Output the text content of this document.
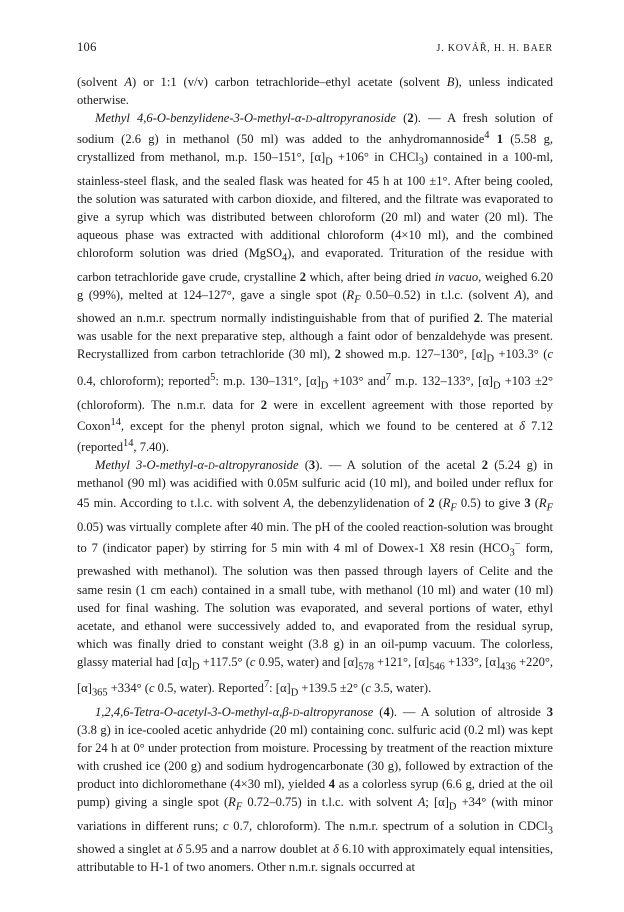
106	J. KOVÁŘ, H. H. BAER

(solvent A) or 1:1 (v/v) carbon tetrachloride–ethyl acetate (solvent B), unless indicated otherwise.

Methyl 4,6-O-benzylidene-3-O-methyl-α-d-altropyranoside (2). — A fresh solution of sodium (2.6 g) in methanol (50 ml) was added to the anhydromannoside$^4$ 1 (5.58 g, crystallized from methanol, m.p. 150–151°, $[\alpha]_D +106^\circ$ in CHCl$_3$) contained in a 100-ml, stainless-steel flask, and the sealed flask was heated for 45 h at 100 ±1°. After being cooled, the solution was saturated with carbon dioxide, and filtered, and the filtrate was evaporated to give a syrup which was distributed between chloroform (20 ml) and water (20 ml). The aqueous phase was extracted with additional chloroform (4×10 ml), and the combined chloroform solution was dried (MgSO$_4$), and evaporated. Trituration of the residue with carbon tetrachloride gave crude, crystalline 2 which, after being dried in vacuo, weighed 6.20 g (99%), melted at 124–127°, gave a single spot ($R_F$ 0.50–0.52) in t.l.c. (solvent A), and showed an n.m.r. spectrum normally indistinguishable from that of purified 2. The material was usable for the next preparative step, although a faint odor of benzaldehyde was present. Recrystallized from carbon tetrachloride (30 ml), 2 showed m.p. 127–130°, $[\alpha]_D +103.3^\circ$ (c 0.4, chloroform); reported$^5$: m.p. 130–131°, $[\alpha]_D +103^\circ$ and$^7$ m.p. 132–133°, $[\alpha]_D +103 \pm 2^\circ$ (chloroform). The n.m.r. data for 2 were in excellent agreement with those reported by Coxon$^{14}$, except for the phenyl proton signal, which we found to be centered at δ 7.12 (reported$^{14}$, 7.40).

Methyl 3-O-methyl-α-d-altropyranoside (3). — A solution of the acetal 2 (5.24 g) in methanol (90 ml) was acidified with 0.05M sulfuric acid (10 ml), and boiled under reflux for 45 min. According to t.l.c. with solvent A, the debenzylidenation of 2 ($R_F$ 0.5) to give 3 ($R_F$ 0.05) was virtually complete after 40 min. The pH of the cooled reaction-solution was brought to 7 (indicator paper) by stirring for 5 min with 4 ml of Dowex-1 X8 resin ($HCO_3^-$ form, prewashed with methanol). The solution was then passed through layers of Celite and the same resin (1 cm each) contained in a small tube, with methanol (10 ml) and water (10 ml) used for final washing. The solution was evaporated, and several portions of water, ethyl acetate, and ethanol were successively added to, and evaporated from the residual syrup, which was finally dried to constant weight (3.8 g) in an oil-pump vacuum. The colorless, glassy material had $[\alpha]_D +117.5^\circ$ (c 0.95, water) and $[\alpha]_{578} +121^\circ$, $[\alpha]_{546} +133^\circ$, $[\alpha]_{436} +220^\circ$, $[\alpha]_{365} +334^\circ$ (c 0.5, water). Reported$^7$: $[\alpha]_D +139.5 \pm 2^\circ$ (c 3.5, water).

1,2,4,6-Tetra-O-acetyl-3-O-methyl-α,β-d-altropyranose (4). — A solution of altroside 3 (3.8 g) in ice-cooled acetic anhydride (20 ml) containing conc. sulfuric acid (0.2 ml) was kept for 24 h at 0° under protection from moisture. Processing by treatment of the reaction mixture with crushed ice (200 g) and sodium hydrogencarbonate (30 g), followed by extraction of the product into dichloromethane (4×30 ml), yielded 4 as a colorless syrup (6.6 g, dried at the oil pump) giving a single spot ($R_F$ 0.72–0.75) in t.l.c. with solvent A; $[\alpha]_D +34^\circ$ (with minor variations in different runs; c 0.7, chloroform). The n.m.r. spectrum of a solution in CDCl$_3$ showed a singlet at δ 5.95 and a narrow doublet at δ 6.10 with approximately equal intensities, attributable to H-1 of two anomers. Other n.m.r. signals occurred at
